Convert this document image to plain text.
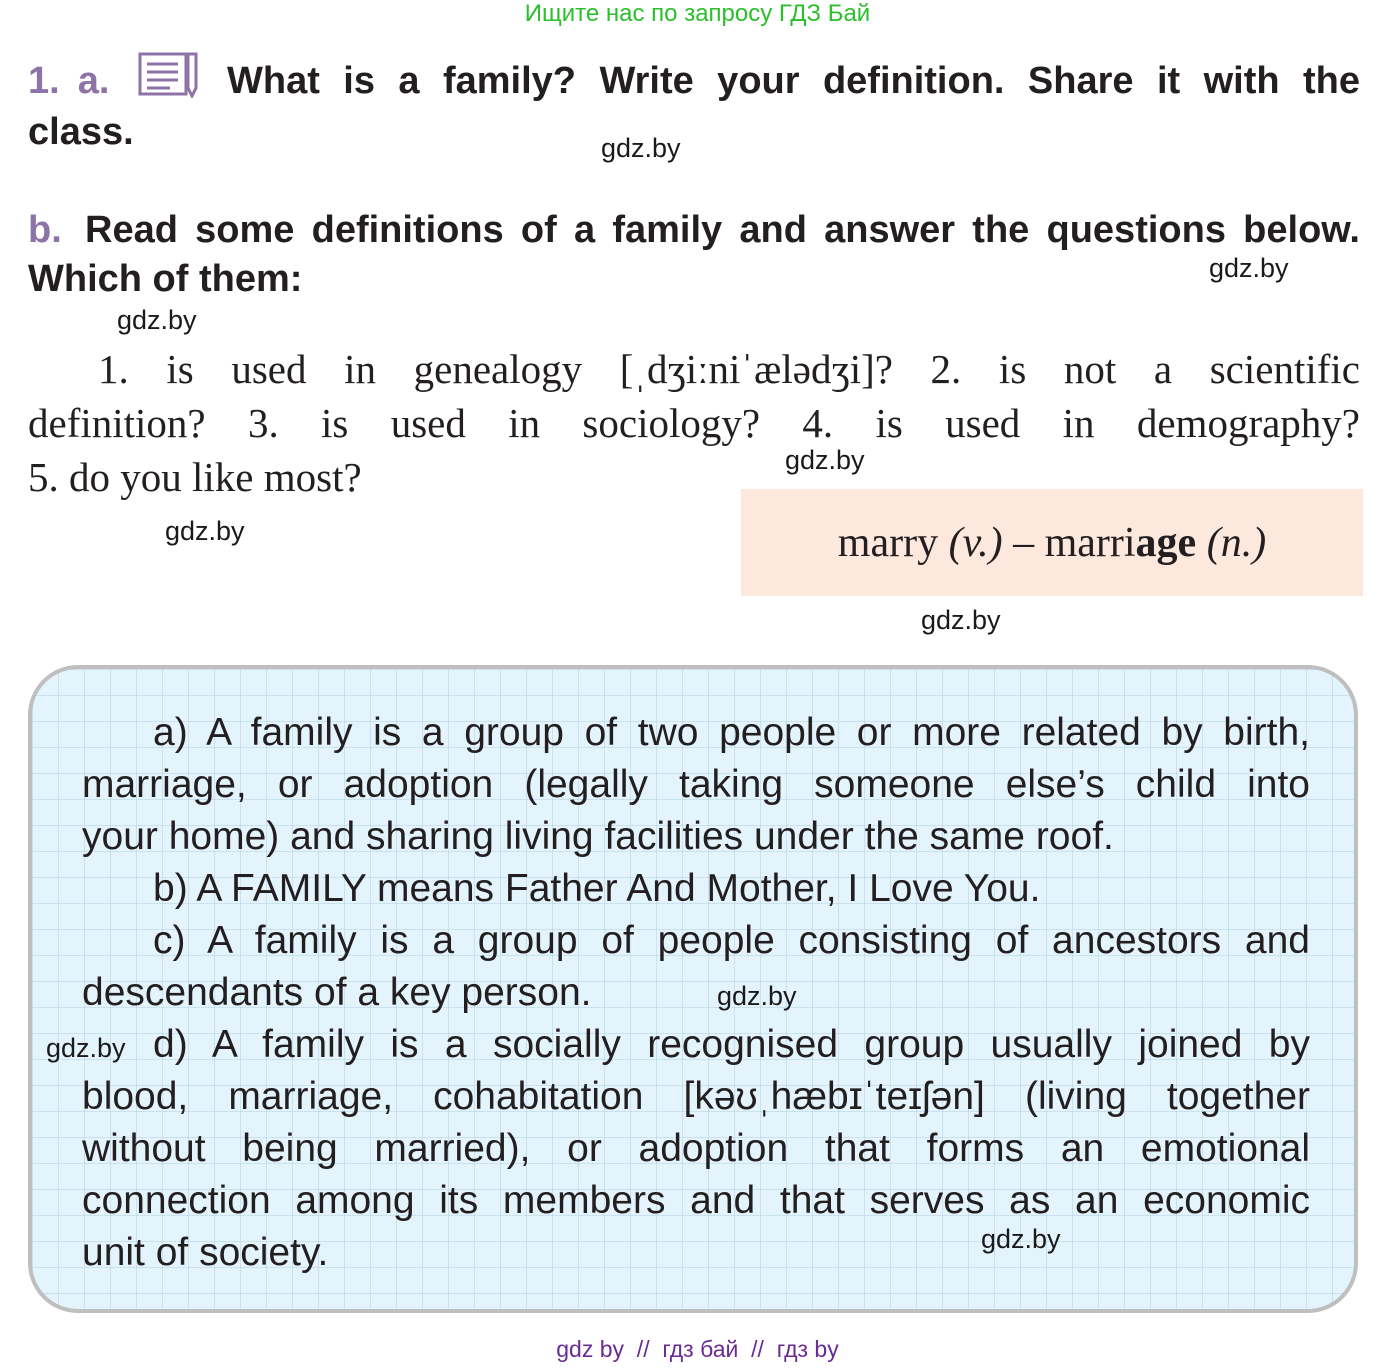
Ищите нас по запросу ГДЗ Бай
1. a.	What is a family? Write your definition. Share it with the
class.	gdz.by
b. Read some definitions of a family and answer the questions below.
Which of them:	gdz.by
gdz.by
1. is used in genealogy [ˌdʒiːniˈælədʒi]? 2. is not a scientific
definition? 3. is used in sociology? 4. is used in demography?
5. do you like most?	gdz.by
gdz.by	marry (v.) – marriage (n.)
gdz.by
a) A family is a group of two people or more related by birth,
marriage, or adoption (legally taking someone else’s child into
your home) and sharing living facilities under the same roof.
b) A FAMILY means Father And Mother, I Love You.
c) A family is a group of people consisting of ancestors and
descendants of a key person.
d) A family is a socially recognised group usually joined by
blood, marriage, cohabitation [kəʊˌhæbɪˈteɪʃən] (living together
without being married), or adoption that forms an emotional
connection among its members and that serves as an economic
unit of society.
gdz.by
gdz.by
gdz.by
gdz by  //  гдз бай  //  гдз by
